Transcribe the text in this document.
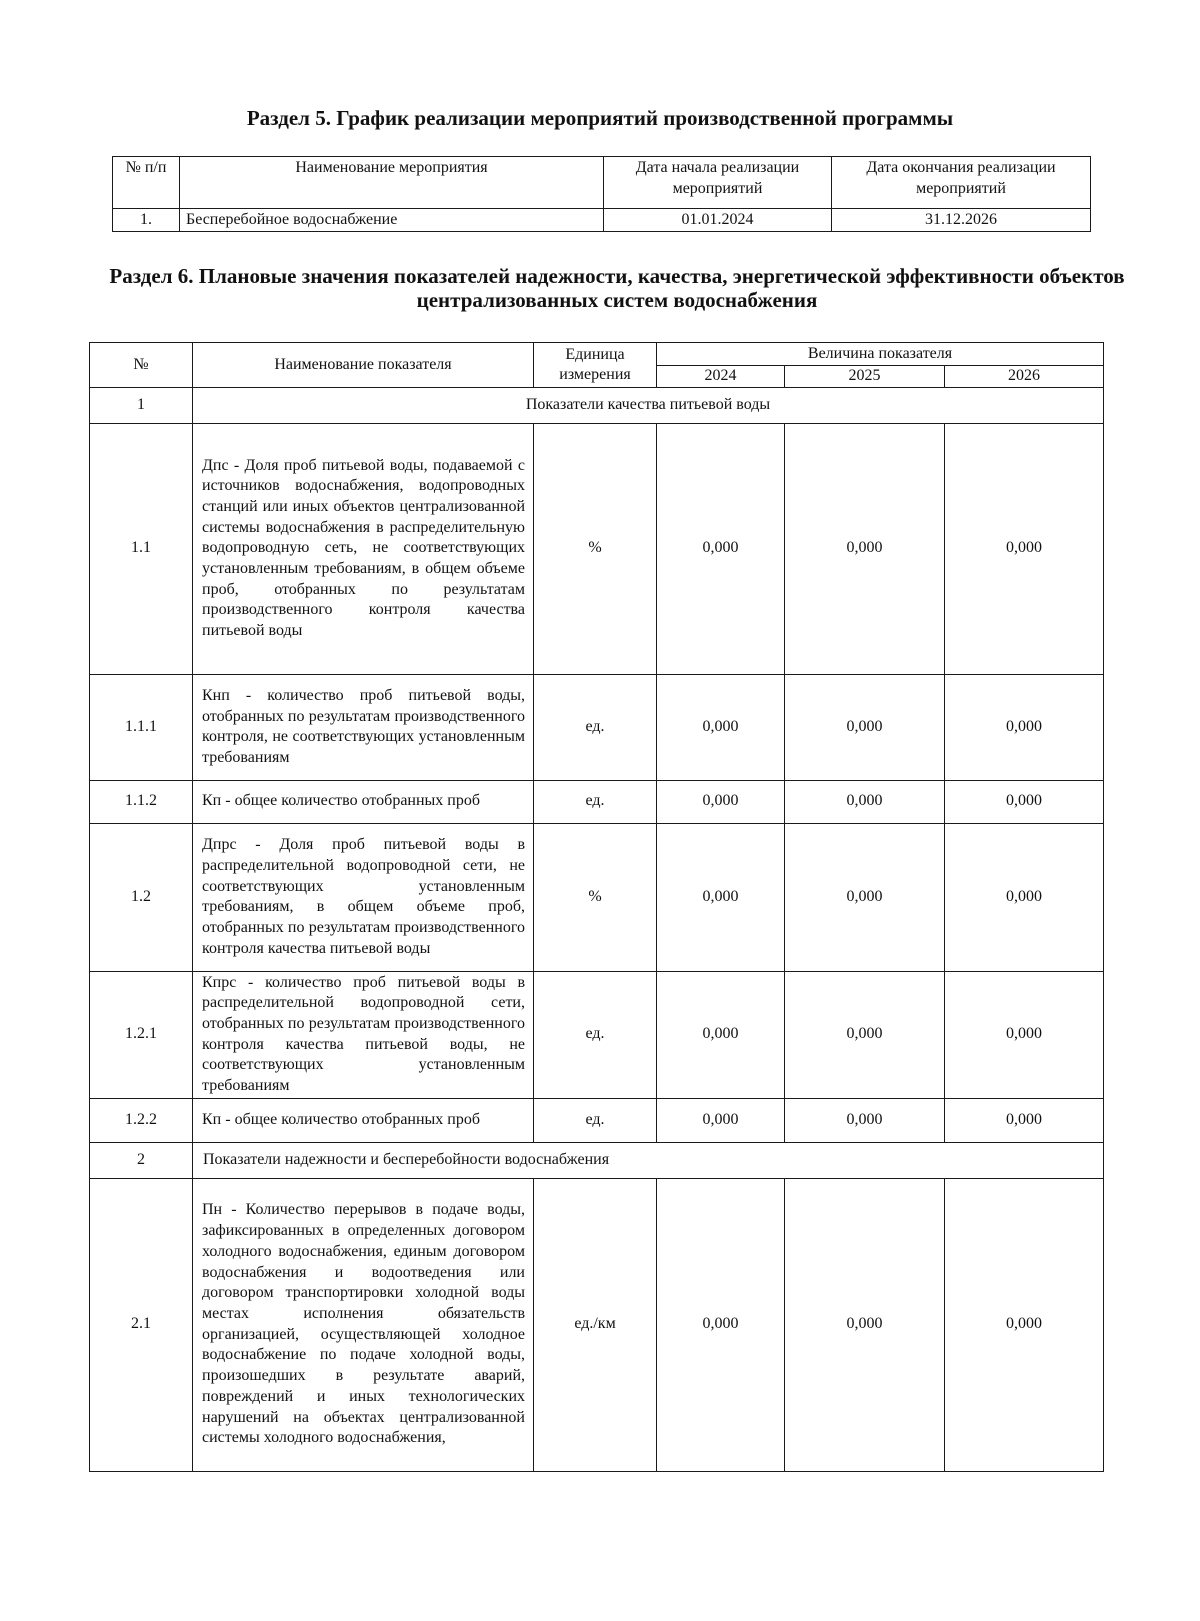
Раздел 5. График реализации мероприятий производственной программы
№ п/п	Наименование мероприятия	Дата начала реализации мероприятий	Дата окончания реализации мероприятий
1.	Бесперебойное водоснабжение	01.01.2024	31.12.2026
Раздел 6. Плановые значения показателей надежности, качества, энергетической эффективности объектов централизованных систем водоснабжения
№	Наименование показателя	Единица измерения	Величина показателя		
			2024	2025	2026
1	Показатели качества питьевой воды				
1.1	Дпс - Доля проб питьевой воды, подаваемой с источников водоснабжения, водопроводных станций или иных объектов централизованной системы водоснабжения в распределительную водопроводную сеть, не соответствующих установленным требованиям, в общем объеме проб, отобранных по результатам производственного контроля качества питьевой воды	%	0,000	0,000	0,000
1.1.1	Кнп - количество проб питьевой воды, отобранных по результатам производственного контроля, не соответствующих установленным требованиям	ед.	0,000	0,000	0,000
1.1.2	Кп - общее количество отобранных проб	ед.	0,000	0,000	0,000
1.2	Дпрс - Доля проб питьевой воды в распределительной водопроводной сети, не соответствующих установленным требованиям, в общем объеме проб, отобранных по результатам производственного контроля качества питьевой воды	%	0,000	0,000	0,000
1.2.1	Кпрс - количество проб питьевой воды в распределительной водопроводной сети, отобранных по результатам производственного контроля качества питьевой воды, не соответствующих установленным требованиям	ед.	0,000	0,000	0,000
1.2.2	Кп - общее количество отобранных проб	ед.	0,000	0,000	0,000
2	Показатели надежности и бесперебойности водоснабжения				
2.1	Пн - Количество перерывов в подаче воды, зафиксированных в определенных договором холодного водоснабжения, единым договором водоснабжения и водоотведения или договором транспортировки холодной воды местах исполнения обязательств организацией, осуществляющей холодное водоснабжение по подаче холодной воды, произошедших в результате аварий, повреждений и иных технологических нарушений на объектах централизованной системы холодного водоснабжения,	ед./км	0,000	0,000	0,000
